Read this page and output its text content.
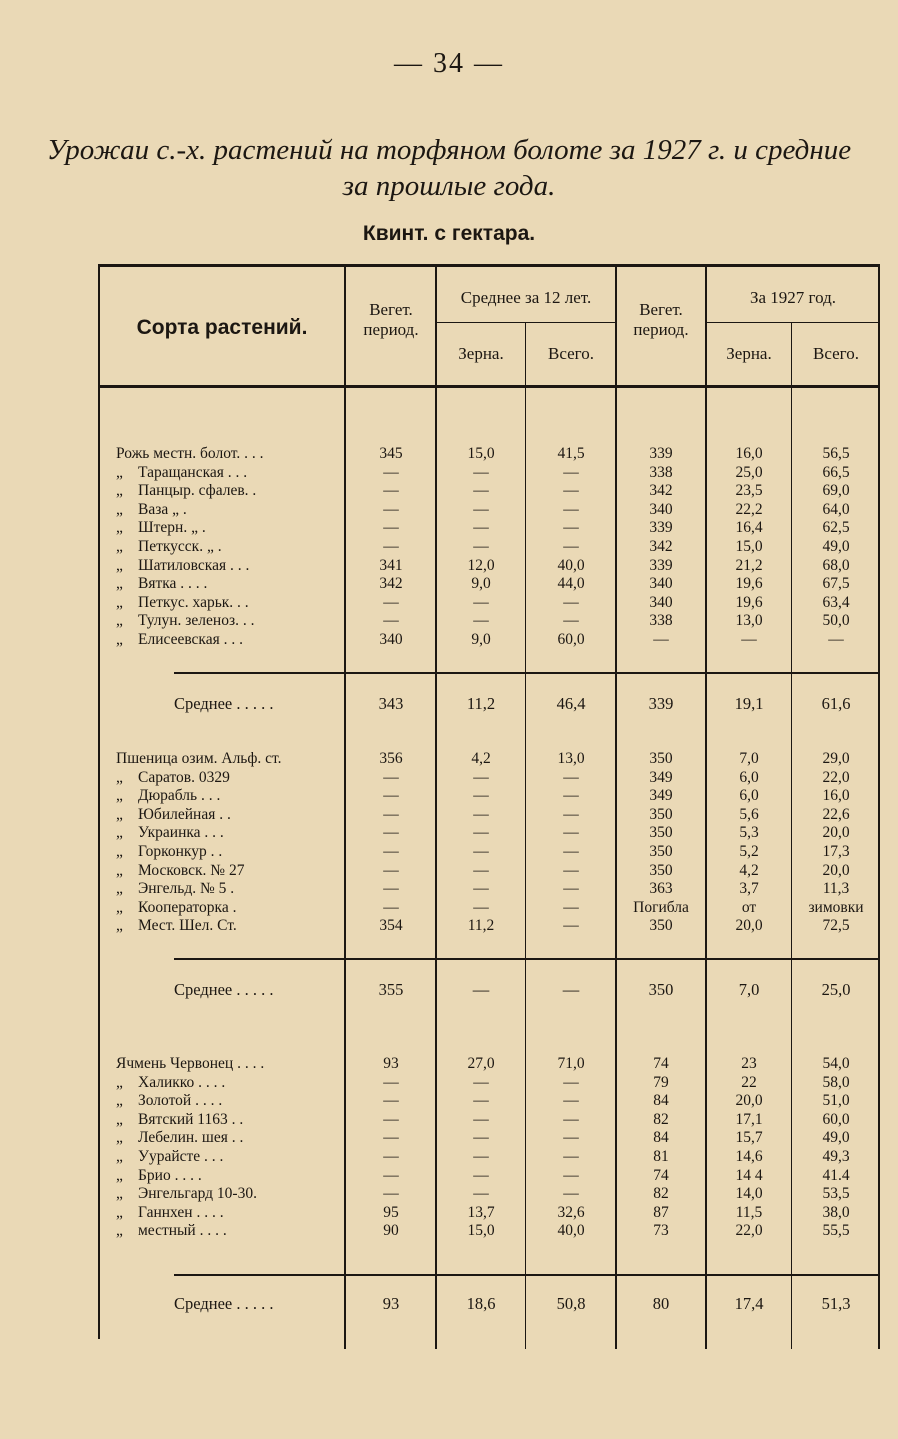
— 34 —
Урожаи с.-х. растений на торфяном болоте за 1927 г. и средние за прошлые года.
Квинт. с гектара.
Сорта растений.
Вегет. период.
Среднее за 12 лет.
Зерна.	Всего.
Вегет. период.
За 1927 год.
Зерна.	Всего.
Рожь местн. болот. . . .	345	15,0	41,5	339	16,0	56,5
„ Таращанская . . .	—	—	—	338	25,0	66,5
„ Панцыр. сфалев. .	—	—	—	342	23,5	69,0
„ Ваза „ .	—	—	—	340	22,2	64,0
„ Штерн. „ .	—	—	—	339	16,4	62,5
„ Петкусск. „ .	—	—	—	342	15,0	49,0
„ Шатиловская . . .	341	12,0	40,0	339	21,2	68,0
„ Вятка . . . .	342	9,0	44,0	340	19,6	67,5
„ Петкус. харьк. . .	—	—	—	340	19,6	63,4
„ Тулун. зеленоз. . .	—	—	—	338	13,0	50,0
„ Елисеевская . . .	340	9,0	60,0	—	—	—
Среднее . . . . .	343	11,2	46,4	339	19,1	61,6
Пшеница озим. Альф. ст.	356	4,2	13,0	350	7,0	29,0
„ Саратов. 0329	—	—	—	349	6,0	22,0
„ Дюрабль . . .	—	—	—	349	6,0	16,0
„ Юбилейная . .	—	—	—	350	5,6	22,6
„ Украинка . . .	—	—	—	350	5,3	20,0
„ Горконкур . .	—	—	—	350	5,2	17,3
„ Московск. № 27	—	—	—	350	4,2	20,0
„ Энгельд. № 5 .	—	—	—	363	3,7	11,3
„ Кооператорка .	—	—	—	Погибла	от	зимовки
„ Мест. Шел. Ст.	354	11,2	—	350	20,0	72,5
Среднее . . . . .	355	—	—	350	7,0	25,0
Ячмень Червонец . . . .	93	27,0	71,0	74	23	54,0
„ Халикко . . . .	—	—	—	79	22	58,0
„ Золотой . . . .	—	—	—	84	20,0	51,0
„ Вятский 1163 . .	—	—	—	82	17,1	60,0
„ Лебелин. шея . .	—	—	—	84	15,7	49,0
„ Уурайсте . . .	—	—	—	81	14,6	49,3
„ Брио . . . .	—	—	—	74	14 4	41.4
„ Энгельгард 10-30.	—	—	—	82	14,0	53,5
„ Ганнхен . . . .	95	13,7	32,6	87	11,5	38,0
„ местный . . . .	90	15,0	40,0	73	22,0	55,5
Среднее . . . . .	93	18,6	50,8	80	17,4	51,3
